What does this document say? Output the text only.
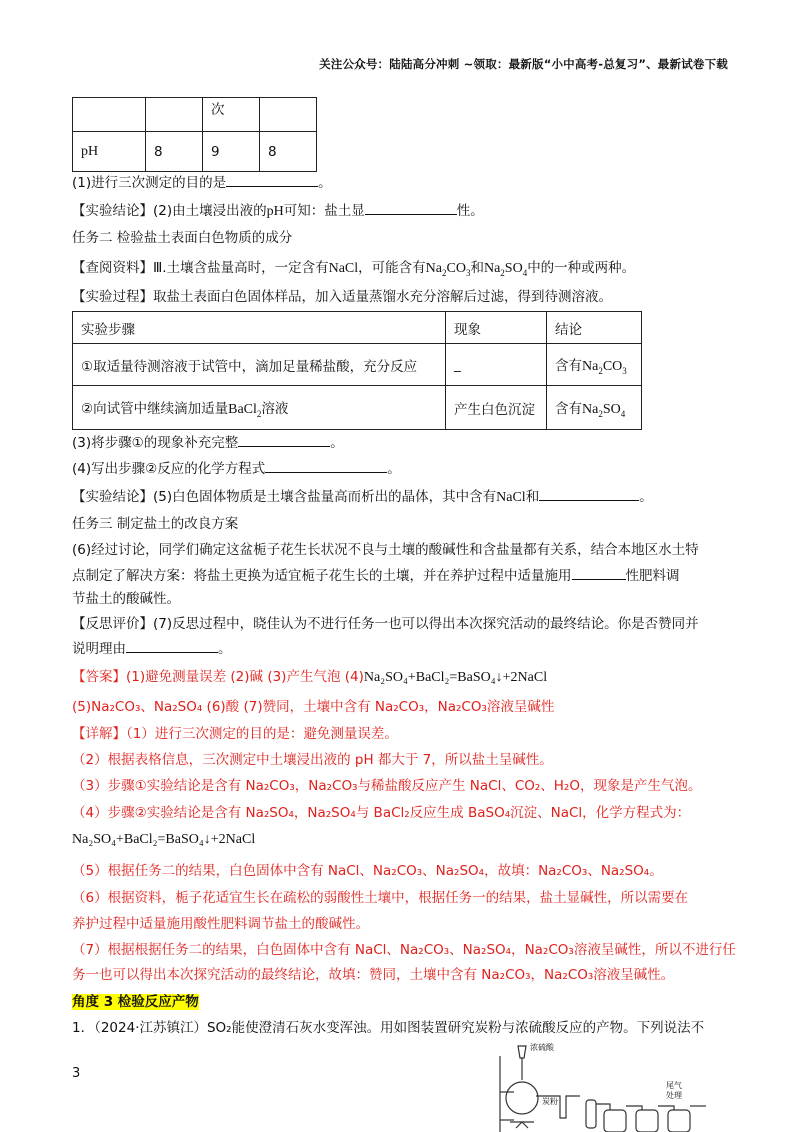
关注公众号：陆陆高分冲刺 ~领取：最新版“小中高考-总复习”、最新试卷下载
		次	
pH	8	9	8
(1)进行三次测定的目的是	。
【实验结论】(2)由土壤浸出液的pH可知：盐土显	性。
任务二 检验盐土表面白色物质的成分
【查阅资料】Ⅲ.土壤含盐量高时，一定含有NaCl，可能含有$Na_2CO_3$和$Na_2SO_4$中的一种或两种。
【实验过程】取盐土表面白色固体样品，加入适量蒸馏水充分溶解后过滤，得到待测溶液。
实验步骤	现象	结论
①取适量待测溶液于试管中，滴加足量稀盐酸，充分反应	_	含有$Na_2CO_3$
②向试管中继续滴加适量BaCl$_2$溶液	产生白色沉淀	含有$Na_2SO_4$
(3)将步骤①的现象补充完整	。
(4)写出步骤②反应的化学方程式	。
【实验结论】(5)白色固体物质是土壤含盐量高而析出的晶体，其中含有NaCl和	。
任务三 制定盐土的改良方案
(6)经过讨论，同学们确定这盆栀子花生长状况不良与土壤的酸碱性和含盐量都有关系，结合本地区水土特
点制定了解决方案：将盐土更换为适宜栀子花生长的土壤，并在养护过程中适量施用	性肥料调
节盐土的酸碱性。
【反思评价】(7)反思过程中，晓佳认为不进行任务一也可以得出本次探究活动的最终结论。你是否赞同并
说明理由	。
【答案】(1)避免测量误差 (2)碱 (3)产生气泡 (4)Na₂SO₄+BaCl₂=BaSO₄↓+2NaCl
(5)Na₂CO₃、Na₂SO₄ (6)酸 (7)赞同，土壤中含有 Na₂CO₃，Na₂CO₃溶液呈碱性
【详解】（1）进行三次测定的目的是：避免测量误差。
（2）根据表格信息，三次测定中土壤浸出液的 pH 都大于 7，所以盐土呈碱性。
（3）步骤①实验结论是含有 Na₂CO₃，Na₂CO₃与稀盐酸反应产生 NaCl、CO₂、H₂O，现象是产生气泡。
（4）步骤②实验结论是含有 Na₂SO₄，Na₂SO₄与 BaCl₂反应生成 BaSO₄沉淀、NaCl，化学方程式为：
Na₂SO₄+BaCl₂=BaSO₄↓+2NaCl
（5）根据任务二的结果，白色固体中含有 NaCl、Na₂CO₃、Na₂SO₄，故填：Na₂CO₃、Na₂SO₄。
（6）根据资料，栀子花适宜生长在疏松的弱酸性土壤中，根据任务一的结果，盐土显碱性，所以需要在
养护过程中适量施用酸性肥料调节盐土的酸碱性。
（7）根据根据任务二的结果，白色固体中含有 NaCl、Na₂CO₃、Na₂SO₄，Na₂CO₃溶液呈碱性，所以不进行任
务一也可以得出本次探究活动的最终结论，故填：赞同，土壤中含有 Na₂CO₃，Na₂CO₃溶液呈碱性。
角度 3 检验反应产物
1．（2024·江苏镇江）SO₂能使澄清石灰水变浑浊。用如图装置研究炭粉与浓硫酸反应的产物。下列说法不
3
浓硫酸
炭粉
尾气
处理
